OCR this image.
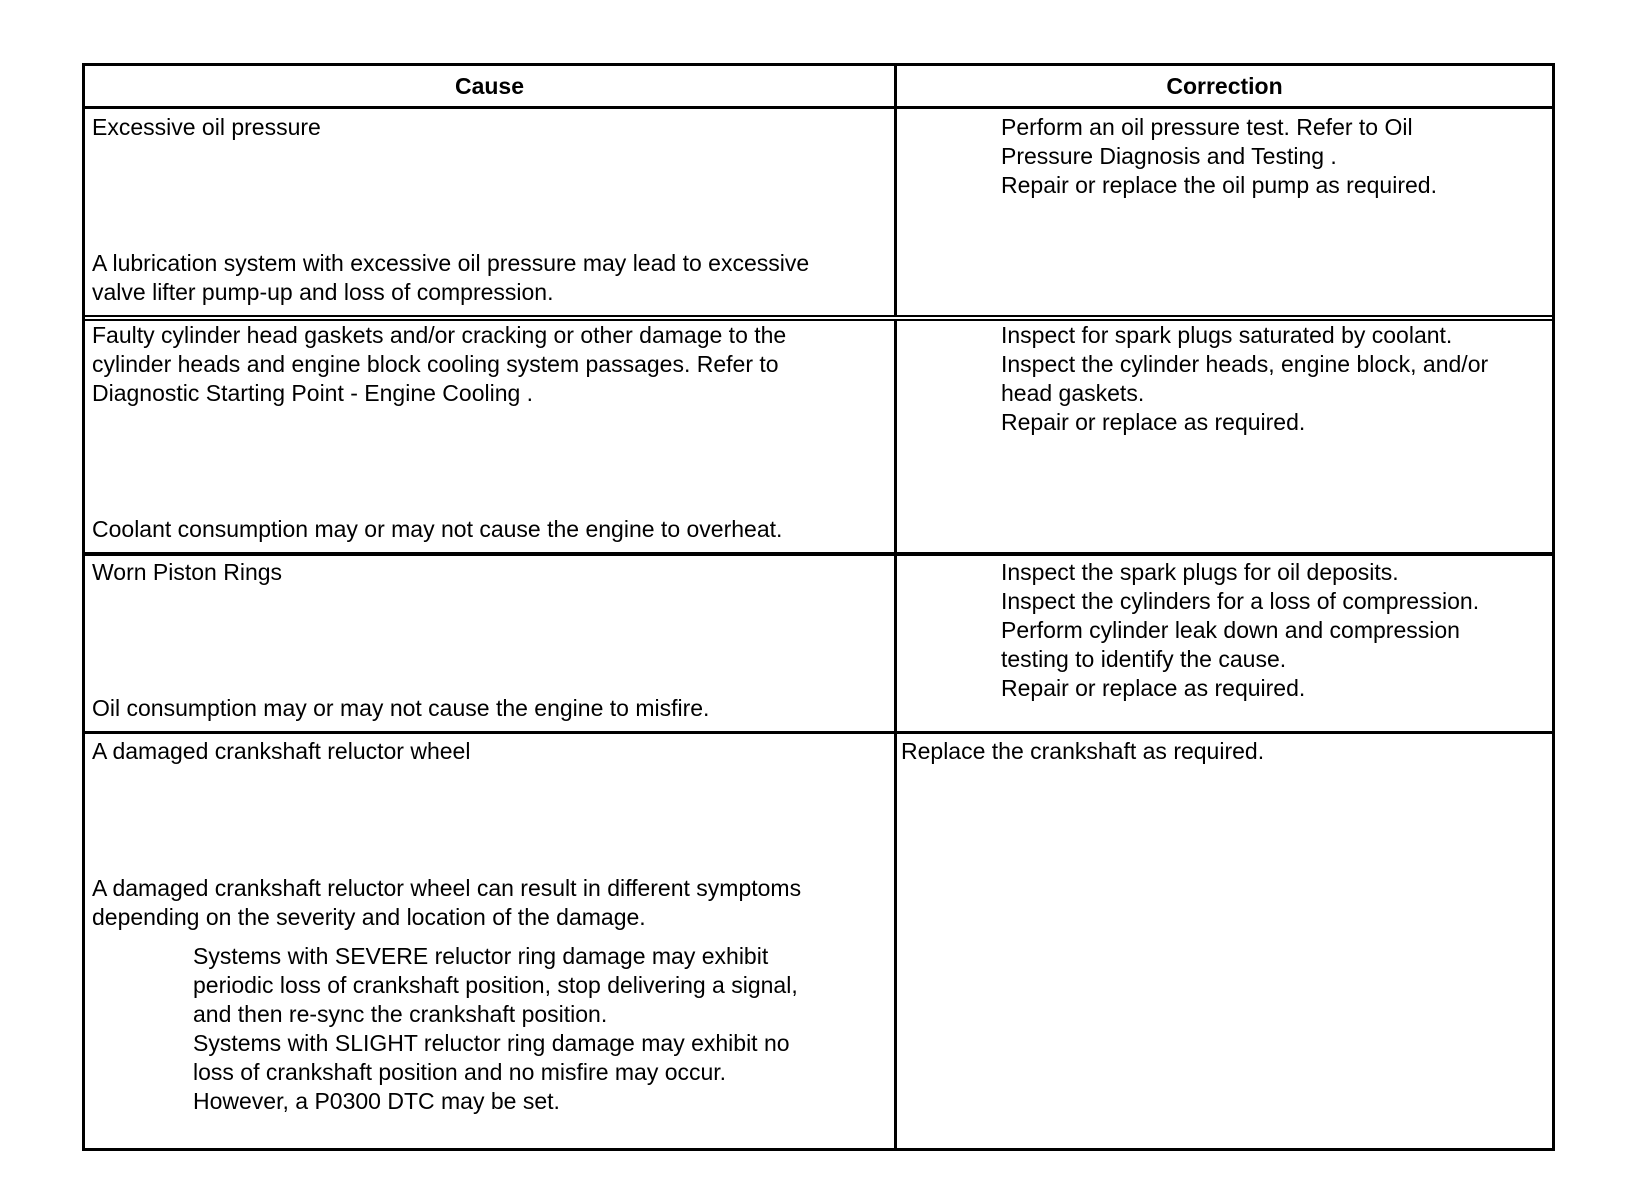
Cause	Correction
Excessive oil pressure
A lubrication system with excessive oil pressure may lead to excessive
valve lifter pump-up and loss of compression.
Perform an oil pressure test. Refer to Oil
Pressure Diagnosis and Testing .
Repair or replace the oil pump as required.
Faulty cylinder head gaskets and/or cracking or other damage to the
cylinder heads and engine block cooling system passages. Refer to
Diagnostic Starting Point - Engine Cooling .
Coolant consumption may or may not cause the engine to overheat.
Inspect for spark plugs saturated by coolant.
Inspect the cylinder heads, engine block, and/or
head gaskets.
Repair or replace as required.
Worn Piston Rings
Oil consumption may or may not cause the engine to misfire.
Inspect the spark plugs for oil deposits.
Inspect the cylinders for a loss of compression.
Perform cylinder leak down and compression
testing to identify the cause.
Repair or replace as required.
A damaged crankshaft reluctor wheel
A damaged crankshaft reluctor wheel can result in different symptoms
depending on the severity and location of the damage.
Systems with SEVERE reluctor ring damage may exhibit
periodic loss of crankshaft position, stop delivering a signal,
and then re-sync the crankshaft position.
Systems with SLIGHT reluctor ring damage may exhibit no
loss of crankshaft position and no misfire may occur.
However, a P0300 DTC may be set.
Replace the crankshaft as required.
